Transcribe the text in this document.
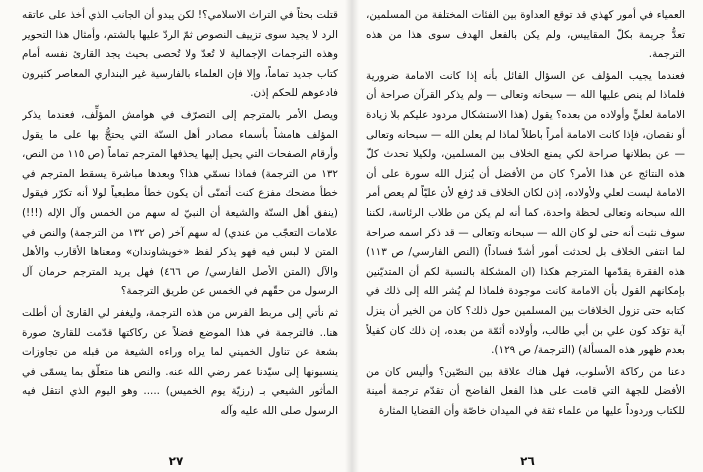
قتلت بحثاً في التراث الاسلامي؟! لكن يبدو أن الجانب الذي أخذ على عاتقه الرد لا يجيد سوى تزييف النصوص ثمّ الردّ عليها بالشتم، وأمثال هذا التحوير وهذه الترجمات الإجمالية لا تُعدّ ولا تُحصى بحيث يجد القارئ نفسه أمام كتاب جديد تماماً، وإلا فإن العلماء بالفارسية غير البنداري المعاصر كثيرون فادعوهم للحكم إذن.

ويصل الأمر بالمترجم إلى التصرّف في هوامش المؤلِّف، فعندما يذكر المؤلف هامشاً بأسماء مصادر أهل السنّة التي يحتجُّ بها على ما يقول وأرقام الصفحات التي يحيل إليها يحذفها المترجم تماماً (ص ١١٥ من النص، ١٣٢ من الترجمة) فماذا نسمّي هذا؟ وبعدها مباشرة يسقط المترجم في خطأ مضحك مفزع كنت أتمنّى أن يكون خطأ مطبعياً لولا أنه تكرّر فيقول (ينفق أهل السنّة والشيعة أن النبيّ له سهم من الخمس وآل الإله (!!!) علامات التعجّب من عندي) له سهم آخر (ص ١٣٢ من الترجمة) والنص في المتن لا لبس فيه فهو يذكر لفظ «خويشاوندان» ومعناها الأقارب والأهل والآل (المتن الأصل الفارسي/ ص ٤٦٦) فهل يريد المترجم حرمان آل الرسول من حقّهم في الخمس عن طريق الترجمة؟

ثم نأتي إلى مربط الفرس من هذه الترجمة، وليغفر لي القارئ أن أطلت هنا.. فالترجمة في هذا الموضع فضلاً عن ركاكتها قدّمت للقارئ صورة بشعة عن تناول الخميني لما يراه وراءه الشيعة من قبله من تجاوزات ينسبونها إلى سيّدنا عمر رضي الله عنه. والنص هنا متعلّق بما يسمّى في المأثور الشيعي بـ (رزيّة يوم الخميس) ..... وهو اليوم الذي انتقل فيه الرسول صلى الله عليه وآله

٢٧

العمياء في أمور كهذي قد توقع العداوة بين الفئات المختلفة من المسلمين، تعدُّ جريمة بكلّ المقاييس، ولم يكن بالفعل الهدف سوى هذا من هذه الترجمة.

فعندما يجيب المؤلف عن السؤال القائل بأنه إذا كانت الامامة ضرورية فلماذا لم ينص عليها الله — سبحانه وتعالى — ولم يذكر القرآن صراحة أن الامامة لعليٍّ وأولاده من بعده؟ يقول (هذا الاستشكال مردود عليكم بلا زيادة أو نقصان، فإذا كانت الامامة أمراً باطلاً لماذا لم يعلن الله — سبحانه وتعالى — عن بطلانها صراحة لكي يمنع الخلاف بين المسلمين، ولكيلا تحدث كلّ هذه النتائج عن هذا الأمر؟ كان من الأفضل أن يُنزل الله سورة على أن الامامة ليست لعلي ولأولاده، إذن لكان الخلاف قد رُفع لأن عليّاً لم يعص أمر الله سبحانه وتعالى لحظة واحدة، كما أنه لم يكن من طلاب الرئاسة، لكننا سوف نثبت أنه حتى لو كان الله — سبحانه وتعالى — قد ذكر اسمه صراحة لما انتفى الخلاف بل لحدثت أمور أشدّ فساداً) (النص الفارسي/ ص ١١٣) هذه الفقرة يقدّمها المترجم هكذا (ان المشكلة بالنسبة لكم أن المتديّنين بإمكانهم القول بأن الامامة كانت موجودة فلماذا لم يُشر الله إلى ذلك في كتابه حتى تزول الخلافات بين المسلمين حول ذلك؟ كان من الخير أن ينزل آية تؤكد كون علي بن أبي طالب، وأولاده أئمّة من بعده، إن ذلك كان كفيلاً بعدم ظهور هذه المسألة) (الترجمة/ ص ١٢٩).

دعنا من ركاكة الأسلوب، فهل هناك علاقة بين النصّين؟ وأليس كان من الأفضل للجهة التي قامت على هذا الفعل الفاضح أن تقدّم ترجمة أمينة للكتاب وردوداً عليها من علماء ثقة في الميدان خاصّة وأن القضايا المثارة

٢٦
